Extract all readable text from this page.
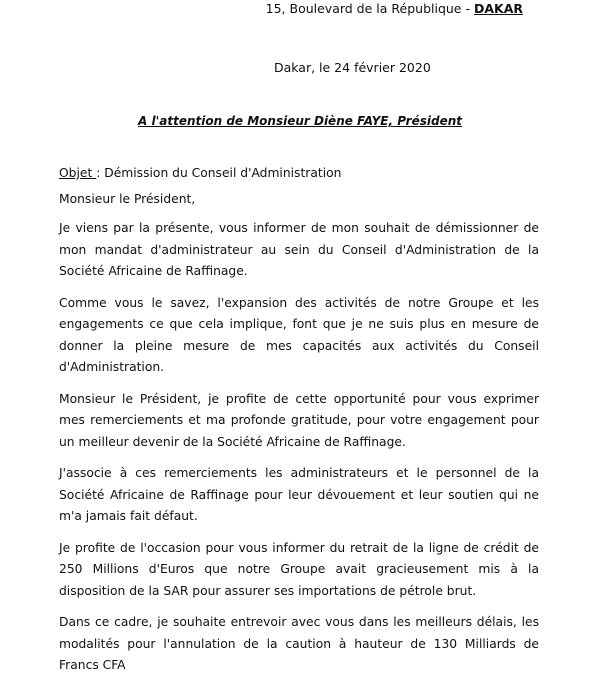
15, Boulevard de la République - DAKAR
Dakar, le 24 février 2020
A l'attention de Monsieur Diène FAYE, Président
Objet : Démission du Conseil d'Administration
Monsieur le Président,

Je viens par la présente, vous informer de mon souhait de démissionner de mon mandat d'administrateur au sein du Conseil d'Administration de la Société Africaine de Raffinage.

Comme vous le savez, l'expansion des activités de notre Groupe et les engagements ce que cela implique, font que je ne suis plus en mesure de donner la pleine mesure de mes capacités aux activités du Conseil d'Administration.

Monsieur le Président, je profite de cette opportunité pour vous exprimer mes remerciements et ma profonde gratitude, pour votre engagement pour un meilleur devenir de la Société Africaine de Raffinage.

J'associe à ces remerciements les administrateurs et le personnel de la Société Africaine de Raffinage pour leur dévouement et leur soutien qui ne m'a jamais fait défaut.

Je profite de l'occasion pour vous informer du retrait de la ligne de crédit de 250 Millions d'Euros que notre Groupe avait gracieusement mis à la disposition de la SAR pour assurer ses importations de pétrole brut.

Dans ce cadre, je souhaite entrevoir avec vous dans les meilleurs délais, les modalités pour l'annulation de la caution à hauteur de 130 Milliards de Francs CFA
